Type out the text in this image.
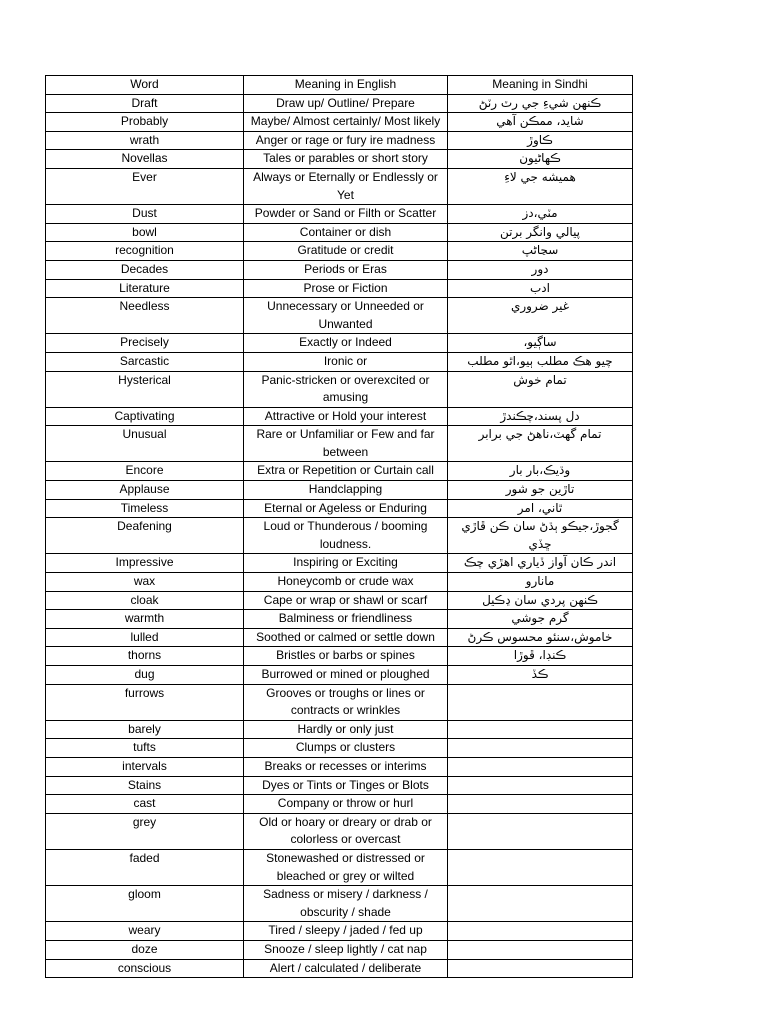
Word	Meaning in English	Meaning in Sindhi
Draft	Draw up/ Outline/ Prepare	ڪنهن شيءِ جي رٽ رٽڻ
Probably	Maybe/ Almost certainly/ Most likely	شايد، ممڪن آهي
wrath	Anger or rage or fury ire madness	ڪاوڙ
Novellas	Tales or parables or short story	ڪهاڻيون
Ever	Always or Eternally or Endlessly or Yet	هميشه جي لاءِ
Dust	Powder or Sand or Filth or Scatter	مٽي،دز
bowl	Container or dish	پيالي وانگر برتن
recognition	Gratitude or credit	سڃاڻپ
Decades	Periods or Eras	دور
Literature	Prose or Fiction	ادب
Needless	Unnecessary or Unneeded or Unwanted	غير ضروري
Precisely	Exactly or Indeed	ساڳيو،
Sarcastic	Ironic or	چيو ھڪ مطلب ٻيو،اٿو مطلب
Hysterical	Panic-stricken or overexcited or amusing	تمام خوش
Captivating	Attractive or Hold your interest	دل پسند،چڪندڙ
Unusual	Rare or Unfamiliar or Few and far between	تمام گهٽ،ناهڻ جي برابر
Encore	Extra or Repetition or Curtain call	وڌيڪ،بار بار
Applause	Handclapping	تاڙين جو شور
Timeless	Eternal or Ageless or Enduring	ٿاني، امر
Deafening	Loud or Thunderous / booming loudness.	گجوڙ،جيڪو ٻڌڻ سان ڪن ڦاڙي ڇڏي
Impressive	Inspiring or Exciting	اندر ڪان آواز ڏياري اهڙي چڪ
wax	Honeycomb or crude wax	مانارو
cloak	Cape or wrap or shawl or scarf	ڪنهن پردي سان ڍڪيل
warmth	Balminess or friendliness	گرم جوشي
lulled	Soothed or calmed or settle down	خاموش،سنئو محسوس ڪرڻ
thorns	Bristles or barbs or spines	ڪنڊا، ڦوڙا
dug	Burrowed or mined or ploughed	ڪڏ
furrows	Grooves or troughs or lines or contracts or wrinkles	
barely	Hardly or only just	
tufts	Clumps or clusters	
intervals	Breaks or recesses or interims	
Stains	Dyes or Tints or Tinges or Blots	
cast	Company or throw or hurl	
grey	Old or hoary or dreary or drab or colorless or overcast	
faded	Stonewashed or distressed or bleached or grey or wilted	
gloom	Sadness or misery / darkness / obscurity / shade	
weary	Tired / sleepy / jaded / fed up	
doze	Snooze / sleep lightly / cat nap	
conscious	Alert / calculated / deliberate	
